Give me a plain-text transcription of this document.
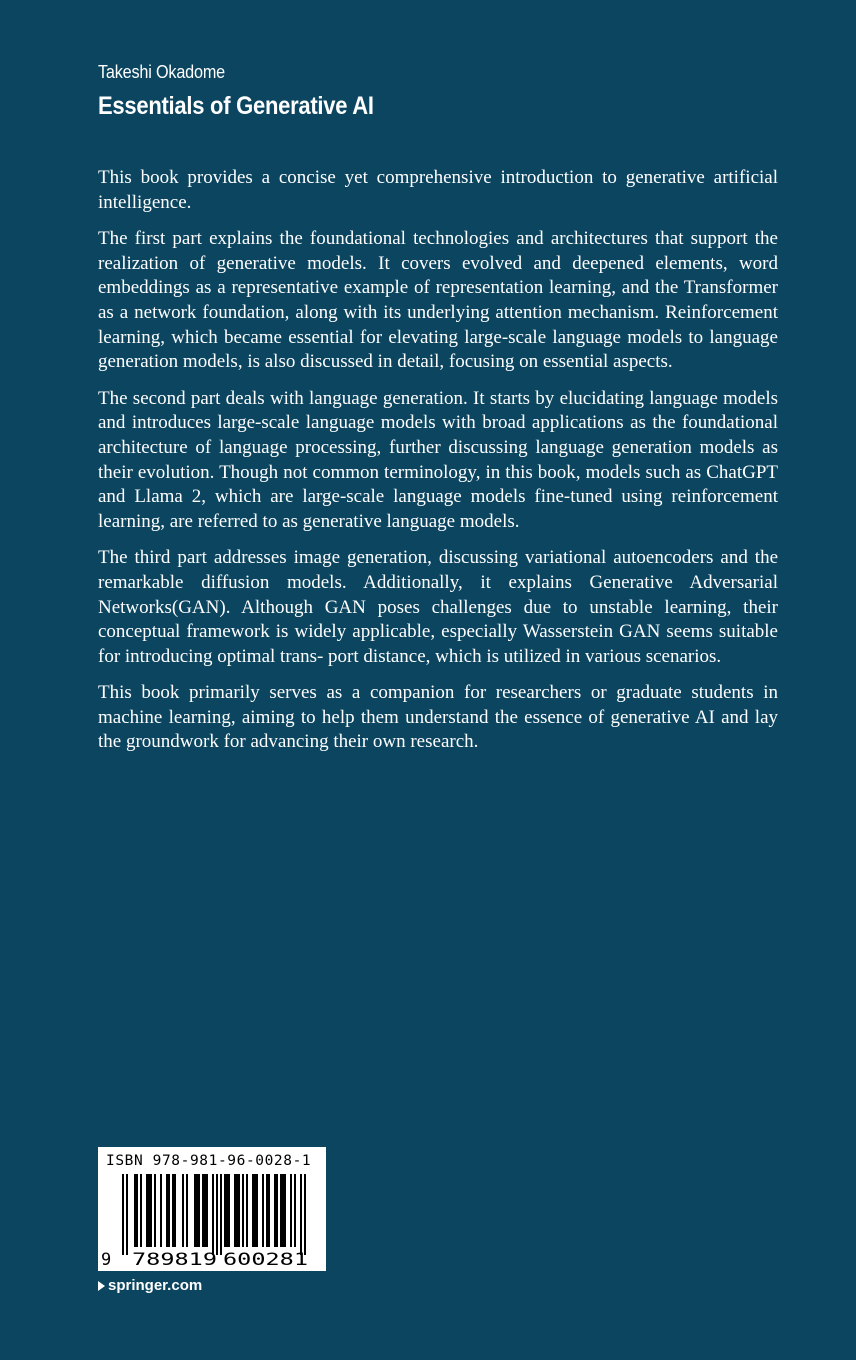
Takeshi Okadome
Essentials of Generative AI

This book provides a concise yet comprehensive introduction to generative artificial intelligence.

The first part explains the foundational technologies and architectures that support the realization of generative models. It covers evolved and deepened elements, word embeddings as a representative example of representation learning, and the Transformer as a network foundation, along with its underlying attention mechanism. Reinforcement learning, which became essential for elevating large-scale language models to language generation models, is also discussed in detail, focusing on essential aspects.

The second part deals with language generation. It starts by elucidating language models and introduces large-scale language models with broad applications as the foundational architecture of language processing, further discussing language generation models as their evolution. Though not common terminology, in this book, models such as ChatGPT and Llama 2, which are large-scale language models fine-tuned using reinforcement learning, are referred to as generative language models.

The third part addresses image generation, discussing variational autoencoders and the remarkable diffusion models. Additionally, it explains Generative Adversarial Networks(GAN). Although GAN poses challenges due to unstable learning, their conceptual framework is widely applicable, especially Wasserstein GAN seems suitable for introducing optimal trans- port distance, which is utilized in various scenarios.

This book primarily serves as a companion for researchers or graduate students in machine learning, aiming to help them understand the essence of generative AI and lay the groundwork for advancing their own research.

9 789819 600281
ISBN 978-981-96-0028-1
springer.com
